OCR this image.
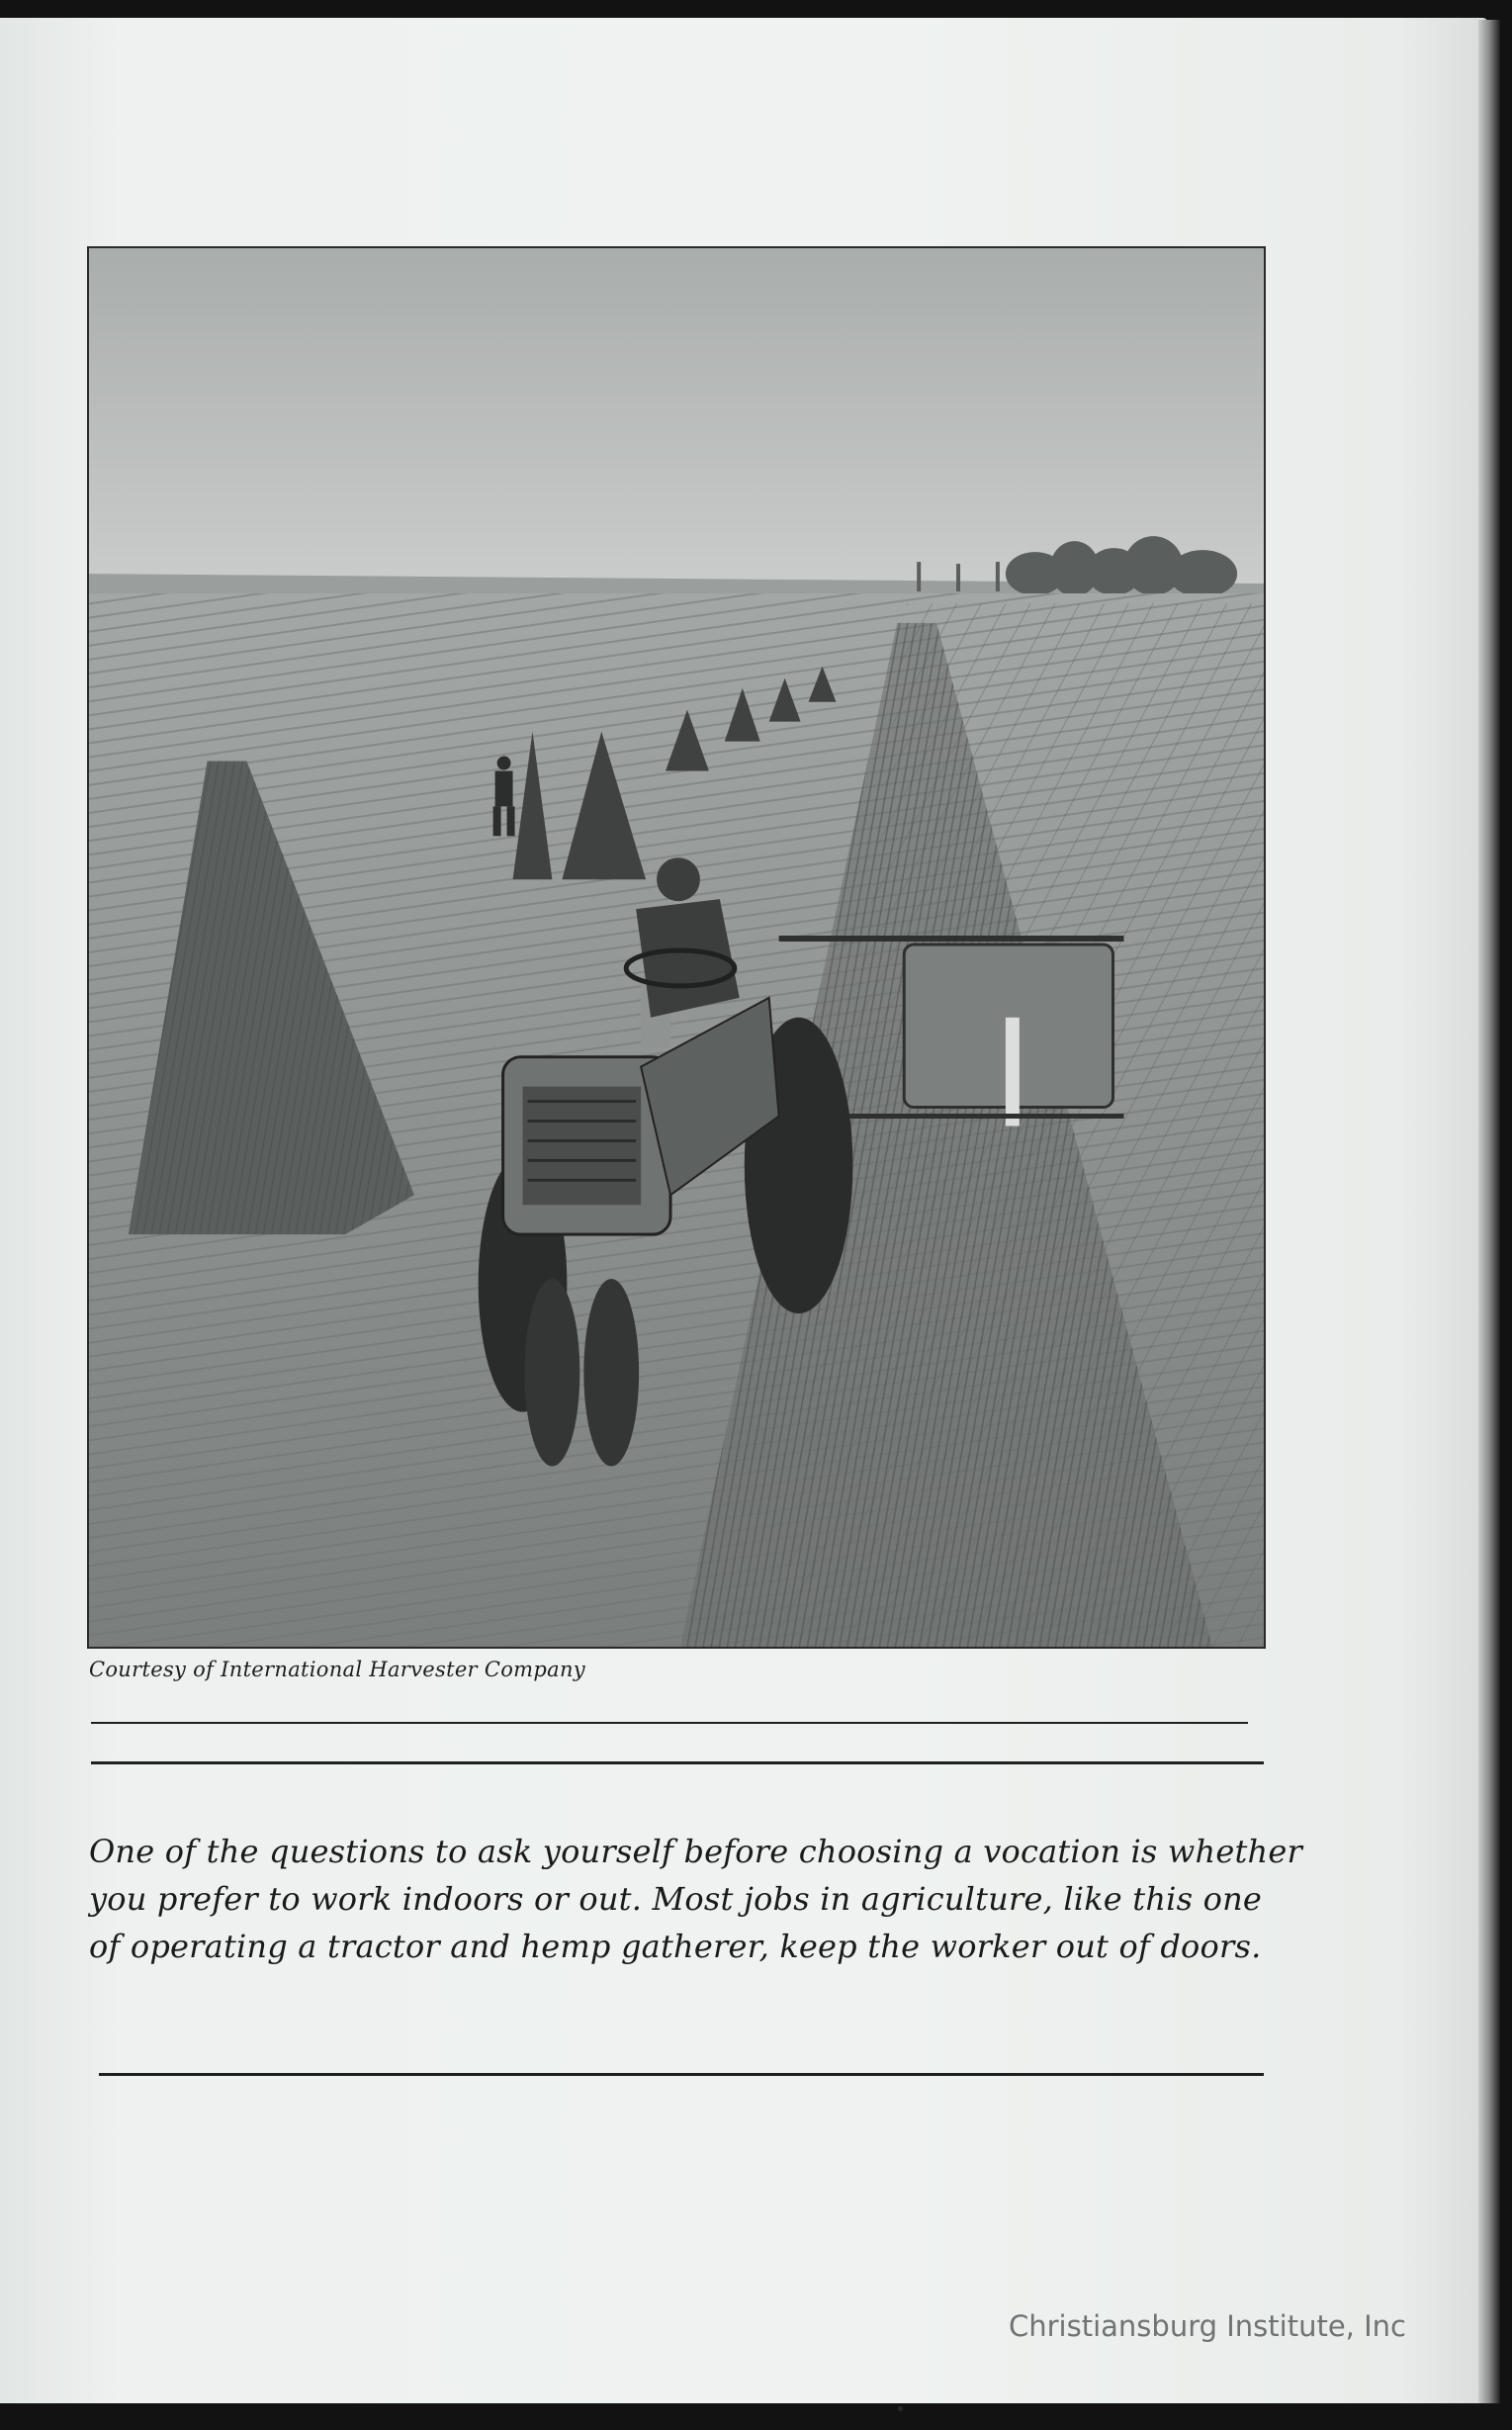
Courtesy of International Harvester Company
One of the questions to ask yourself before choosing a vocation is whether
you prefer to work indoors or out. Most jobs in agriculture, like this one
of operating a tractor and hemp gatherer, keep the worker out of doors.
Christiansburg Institute, Inc
